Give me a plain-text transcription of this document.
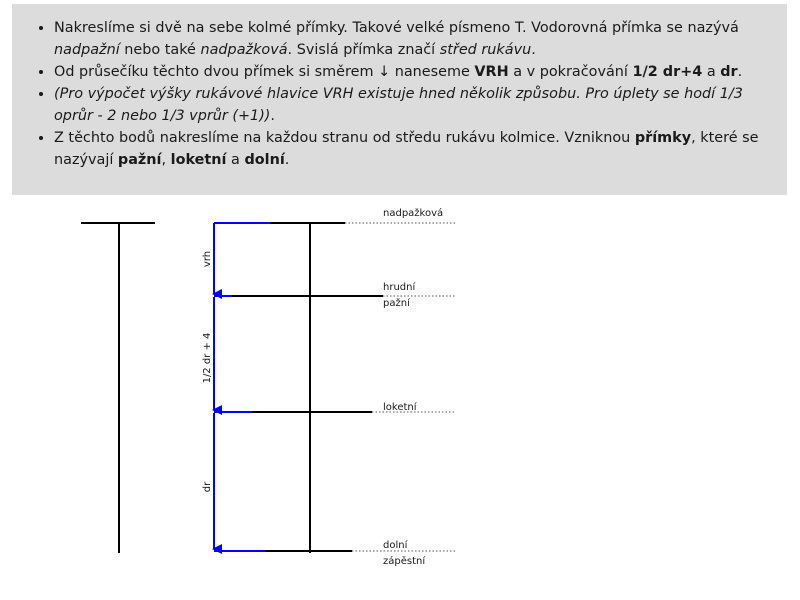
• Nakreslíme si dvě na sebe kolmé přímky. Takové velké písmeno T. Vodorovná přímka se nazývá nadpažní nebo také nadpažková. Svislá přímka značí střed rukávu.
• Od průsečíku těchto dvou přímek si směrem ↓ naneseme VRH a v pokračování 1/2 dr+4 a dr.
• (Pro výpočet výšky rukávové hlavice VRH existuje hned několik způsobu. Pro úplety se hodí 1/3 oprůr - 2 nebo 1/3 vprůr (+1)).
• Z těchto bodů nakreslíme na každou stranu od středu rukávu kolmice. Vzniknou přímky, které se nazývají pažní, loketní a dolní.
vrh
1/2 dr + 4
dr
nadpažková
hrudní
pažní
loketní
dolní
zápěstní
